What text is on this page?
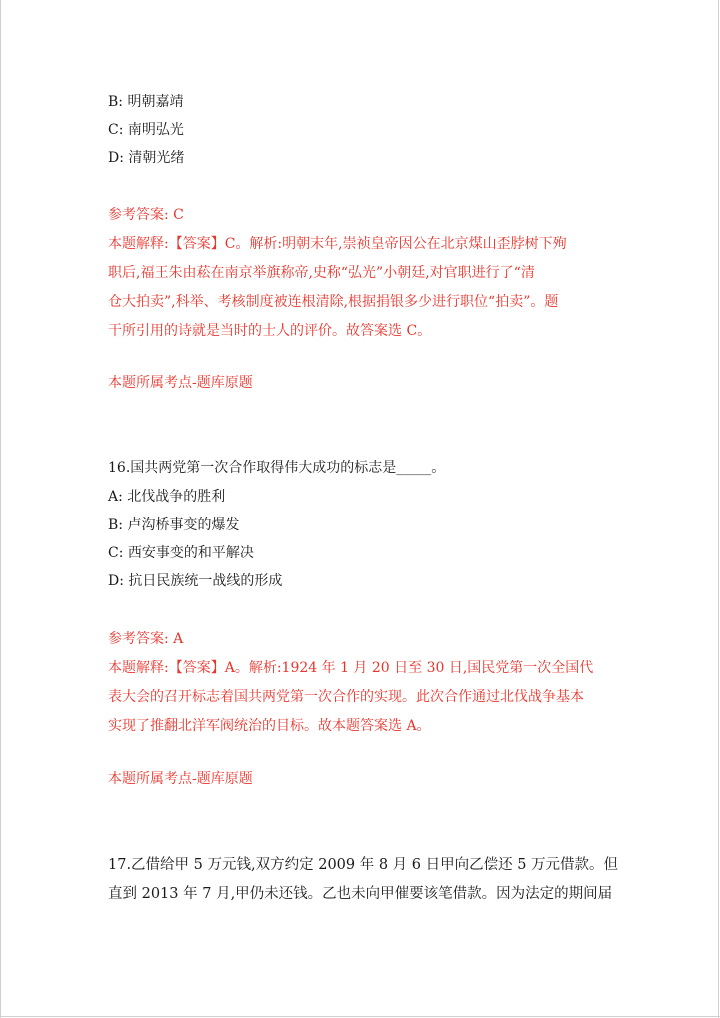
B: 明朝嘉靖
C: 南明弘光
D: 清朝光绪
参考答案: C
本题解释:【答案】C。解析:明朝末年,崇祯皇帝因公在北京煤山歪脖树下殉
职后,福王朱由菘在南京举旗称帝,史称“弘光”小朝廷,对官职进行了“清
仓大拍卖”,科举、考核制度被连根清除,根据捐银多少进行职位“拍卖”。题
干所引用的诗就是当时的士人的评价。故答案选 C。
本题所属考点-题库原题
16.国共两党第一次合作取得伟大成功的标志是_____。
A: 北伐战争的胜利
B: 卢沟桥事变的爆发
C: 西安事变的和平解决
D: 抗日民族统一战线的形成
参考答案: A
本题解释:【答案】A。解析:1924 年 1 月 20 日至 30 日,国民党第一次全国代
表大会的召开标志着国共两党第一次合作的实现。此次合作通过北伐战争基本
实现了推翻北洋军阀统治的目标。故本题答案选 A。
本题所属考点-题库原题
17.乙借给甲 5 万元钱,双方约定 2009 年 8 月 6 日甲向乙偿还 5 万元借款。但
直到 2013 年 7 月,甲仍未还钱。乙也未向甲催要该笔借款。因为法定的期间届
